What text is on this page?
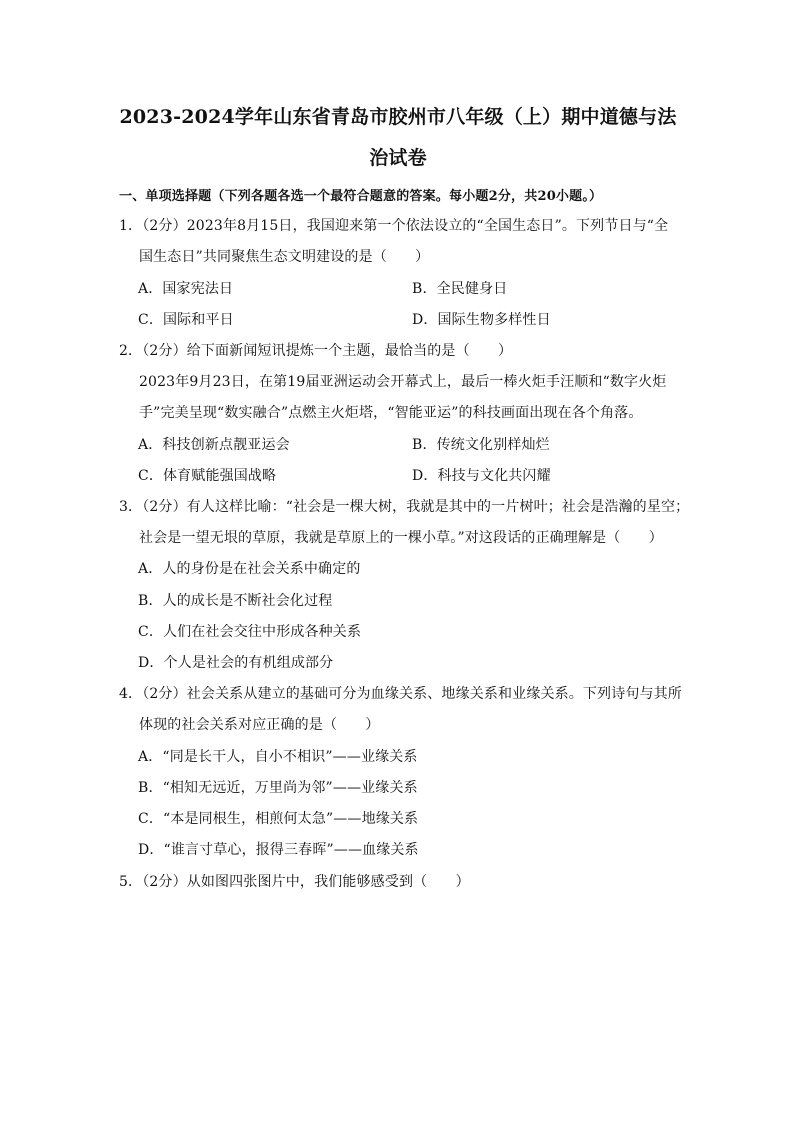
2023-2024学年山东省青岛市胶州市八年级（上）期中道德与法
治试卷
一、单项选择题（下列各题各选一个最符合题意的答案。每小题2分，共20小题。）
1．（2分）2023年8月15日，我国迎来第一个依法设立的“全国生态日”。下列节日与“全
国生态日”共同聚焦生态文明建设的是（　　）
A．国家宪法日	B．全民健身日
C．国际和平日	D．国际生物多样性日
2．（2分）给下面新闻短讯提炼一个主题，最恰当的是（　　）
2023年9月23日，在第19届亚洲运动会开幕式上，最后一棒火炬手汪顺和“数字火炬
手”完美呈现“数实融合”点燃主火炬塔，“智能亚运”的科技画面出现在各个角落。
A．科技创新点靓亚运会	B．传统文化别样灿烂
C．体育赋能强国战略	D．科技与文化共闪耀
3．（2分）有人这样比喻：“社会是一棵大树，我就是其中的一片树叶；社会是浩瀚的星空；
社会是一望无垠的草原，我就是草原上的一棵小草。”对这段话的正确理解是（　　）
A．人的身份是在社会关系中确定的
B．人的成长是不断社会化过程
C．人们在社会交往中形成各种关系
D．个人是社会的有机组成部分
4．（2分）社会关系从建立的基础可分为血缘关系、地缘关系和业缘关系。下列诗句与其所
体现的社会关系对应正确的是（　　）
A．“同是长干人，自小不相识”——业缘关系
B．“相知无远近，万里尚为邻”——业缘关系
C．“本是同根生，相煎何太急”——地缘关系
D．“谁言寸草心，报得三春晖”——血缘关系
5．（2分）从如图四张图片中，我们能够感受到（　　）
